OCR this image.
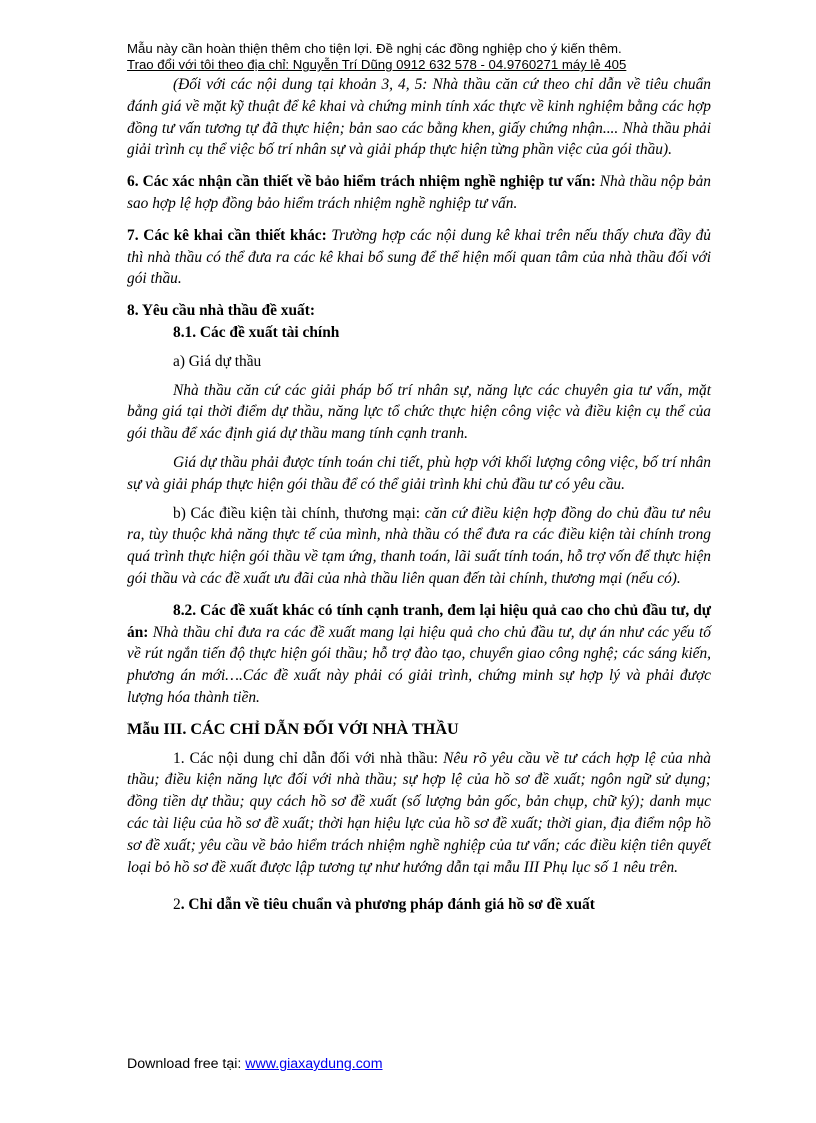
Mẫu này cần hoàn thiện thêm cho tiện lợi. Đề nghị các đồng nghiệp cho ý kiến thêm.
Trao đổi với tôi theo địa chỉ: Nguyễn Trí Dũng 0912 632 578 - 04.9760271 máy lẻ 405

(Đối với các nội dung tại khoản 3, 4, 5: Nhà thầu căn cứ theo chỉ dẫn về tiêu chuẩn đánh giá về mặt kỹ thuật để kê khai và chứng minh tính xác thực về kinh nghiệm bằng các hợp đồng tư vấn tương tự đã thực hiện; bản sao các bằng khen, giấy chứng nhận.... Nhà thầu phải giải trình cụ thể việc bố trí nhân sự và giải pháp thực hiện từng phần việc của gói thầu).

6. Các xác nhận cần thiết về bảo hiểm trách nhiệm nghề nghiệp tư vấn: Nhà thầu nộp bản sao hợp lệ hợp đồng bảo hiểm trách nhiệm nghề nghiệp tư vấn.

7. Các kê khai cần thiết khác: Trường hợp các nội dung kê khai trên nếu thấy chưa đầy đủ thì nhà thầu có thể đưa ra các kê khai bổ sung để thể hiện mối quan tâm của nhà thầu đối với gói thầu.

8. Yêu cầu nhà thầu đề xuất:

8.1. Các đề xuất tài chính

a) Giá dự thầu

Nhà thầu căn cứ các giải pháp bố trí nhân sự, năng lực các chuyên gia tư vấn, mặt bằng giá tại thời điểm dự thầu, năng lực tổ chức thực hiện công việc và điều kiện cụ thể của gói thầu để xác định giá dự thầu mang tính cạnh tranh.

Giá dự thầu phải được tính toán chi tiết, phù hợp với khối lượng công việc, bố trí nhân sự và giải pháp thực hiện gói thầu để có thể giải trình khi chủ đầu tư có yêu cầu.

b) Các điều kiện tài chính, thương mại: căn cứ điều kiện hợp đồng do chủ đầu tư nêu ra, tùy thuộc khả năng thực tế của mình, nhà thầu có thể đưa ra các điều kiện tài chính trong quá trình thực hiện gói thầu về tạm ứng, thanh toán, lãi suất tính toán, hỗ trợ vốn để thực hiện gói thầu và các đề xuất ưu đãi của nhà thầu liên quan đến tài chính, thương mại (nếu có).

8.2. Các đề xuất khác có tính cạnh tranh, đem lại hiệu quả cao cho chủ đầu tư, dự án: Nhà thầu chỉ đưa ra các đề xuất mang lại hiệu quả cho chủ đầu tư, dự án như các yếu tố về rút ngắn tiến độ thực hiện gói thầu; hỗ trợ đào tạo, chuyển giao công nghệ; các sáng kiến, phương án mới….Các đề xuất này phải có giải trình, chứng minh sự hợp lý và phải được lượng hóa thành tiền.

Mẫu III. CÁC CHỈ DẪN ĐỐI VỚI NHÀ THẦU

1. Các nội dung chỉ dẫn đối với nhà thầu: Nêu rõ yêu cầu về tư cách hợp lệ của nhà thầu; điều kiện năng lực đối với nhà thầu; sự hợp lệ của hồ sơ đề xuất; ngôn ngữ sử dụng; đồng tiền dự thầu; quy cách hồ sơ đề xuất (số lượng bản gốc, bản chụp, chữ ký); danh mục các tài liệu của hồ sơ đề xuất; thời hạn hiệu lực của hồ sơ đề xuất; thời gian, địa điểm nộp hồ sơ đề xuất; yêu cầu về bảo hiểm trách nhiệm nghề nghiệp của tư vấn; các điều kiện tiên quyết loại bỏ hồ sơ đề xuất được lập tương tự như hướng dẫn tại mẫu III Phụ lục số 1 nêu trên.

2. Chỉ dẫn về tiêu chuẩn và phương pháp đánh giá hồ sơ đề xuất

Download free tại: www.giaxaydung.com
